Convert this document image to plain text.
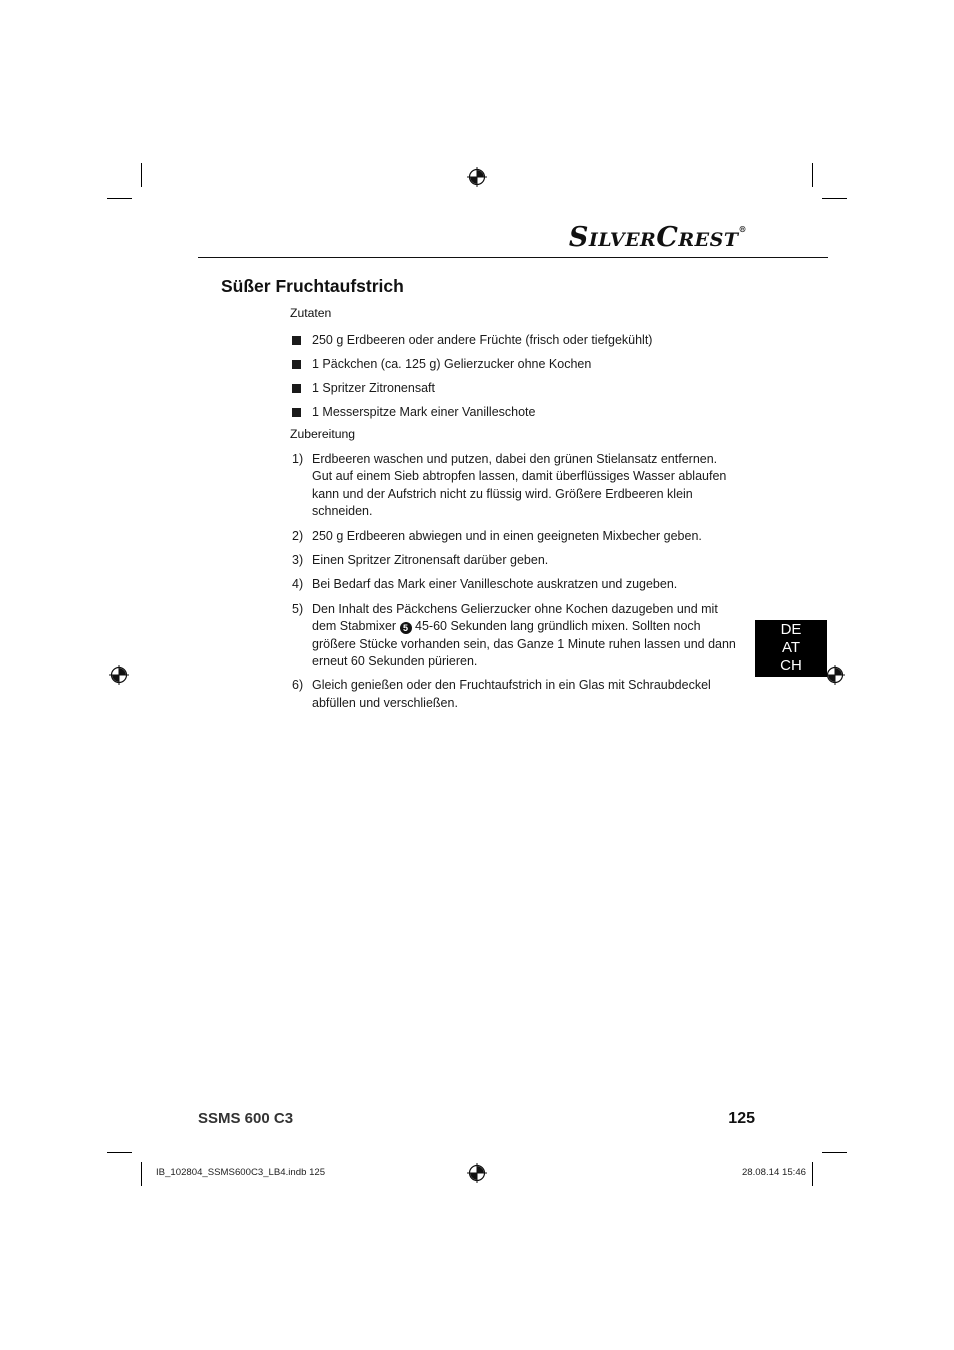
SILVERCREST®
Süßer Fruchtaufstrich
Zutaten
250 g Erdbeeren oder andere Früchte (frisch oder tiefgekühlt)
1 Päckchen (ca. 125 g) Gelierzucker ohne Kochen
1 Spritzer Zitronensaft
1 Messerspitze Mark einer Vanilleschote
Zubereitung
1) Erdbeeren waschen und putzen, dabei den grünen Stielansatz entfernen. Gut auf einem Sieb abtropfen lassen, damit überflüssiges Wasser ablaufen kann und der Aufstrich nicht zu flüssig wird. Größere Erdbeeren klein schneiden.
2) 250 g Erdbeeren abwiegen und in einen geeigneten Mixbecher geben.
3) Einen Spritzer Zitronensaft darüber geben.
4) Bei Bedarf das Mark einer Vanilleschote auskratzen und zugeben.
5) Den Inhalt des Päckchens Gelierzucker ohne Kochen dazugeben und mit dem Stabmixer 5 45-60 Sekunden lang gründlich mixen. Sollten noch größere Stücke vorhanden sein, das Ganze 1 Minute ruhen lassen und dann erneut 60 Sekunden pürieren.
6) Gleich genießen oder den Fruchtaufstrich in ein Glas mit Schraubdeckel abfüllen und verschließen.
DE
AT
CH
SSMS 600 C3	125
IB_102804_SSMS600C3_LB4.indb 125	28.08.14 15:46
